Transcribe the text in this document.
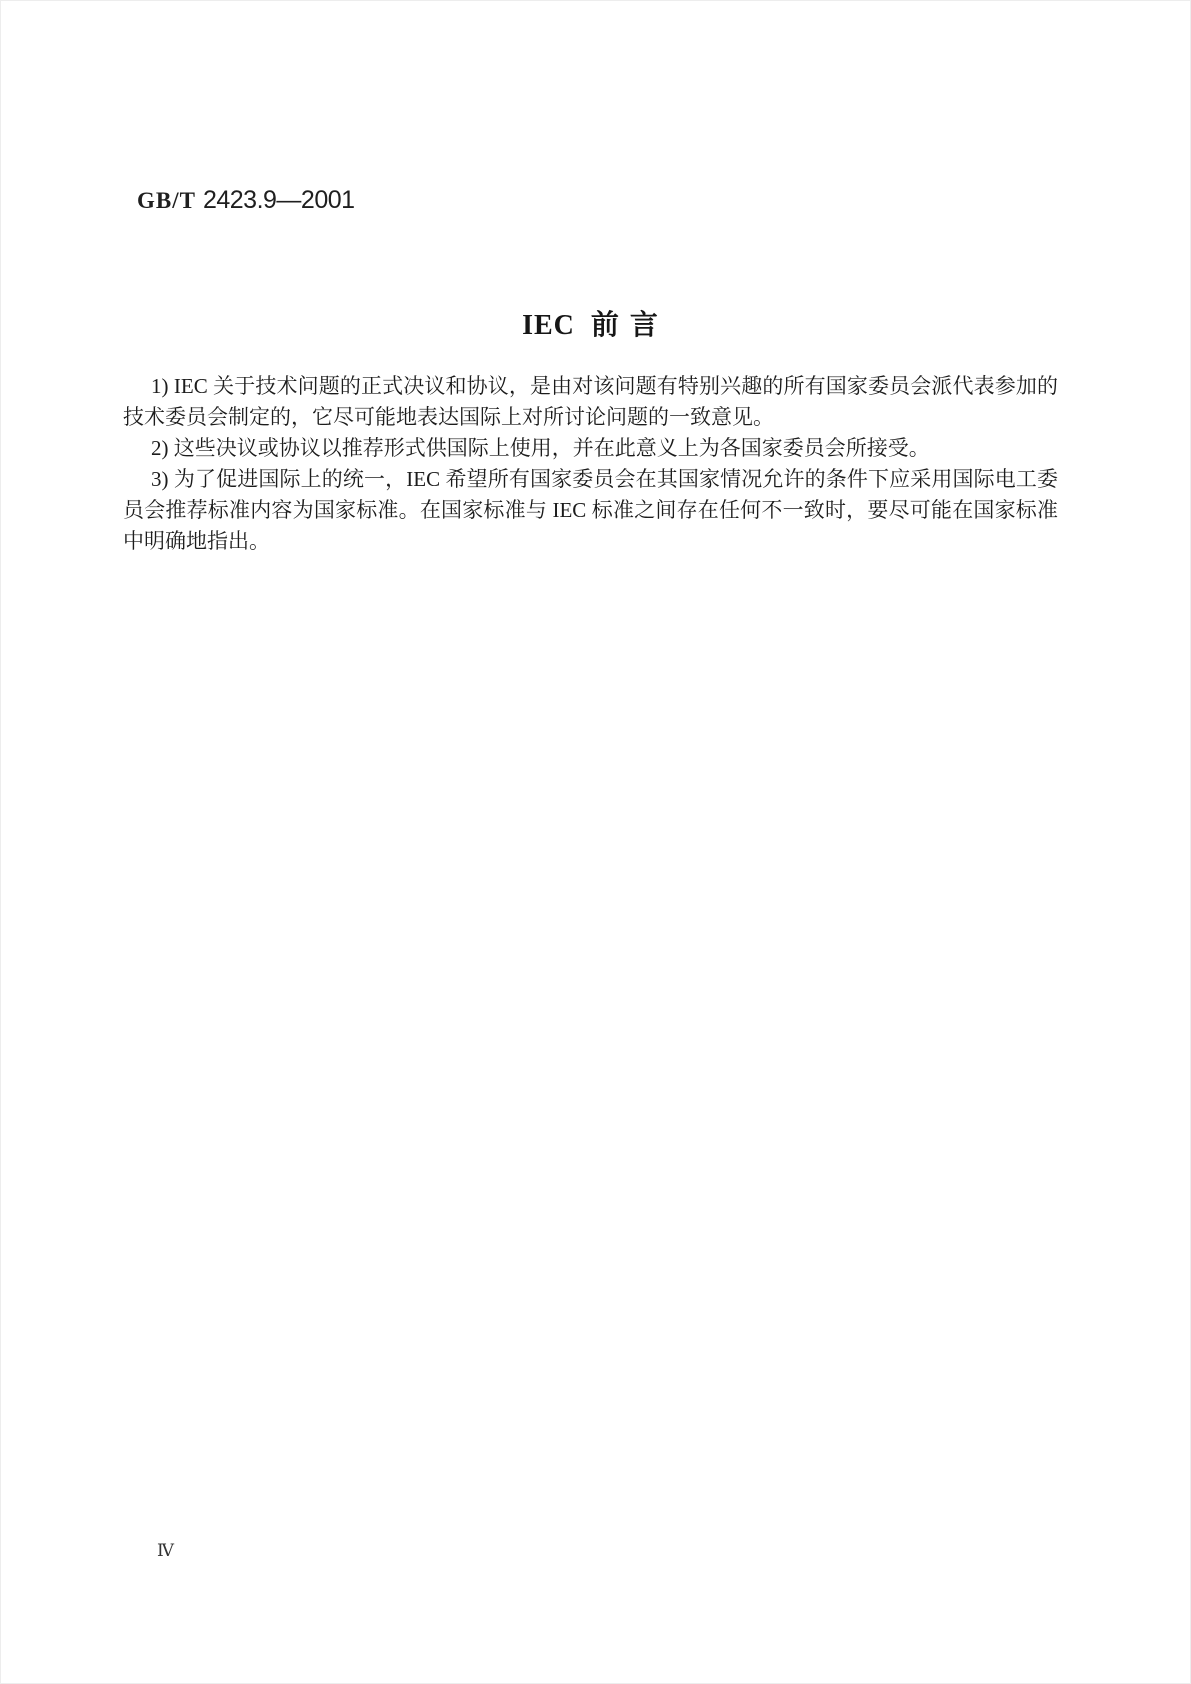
GB/T 2423.9—2001
IEC 前言

1) IEC 关于技术问题的正式决议和协议，是由对该问题有特别兴趣的所有国家委员会派代表参加的技术委员会制定的，它尽可能地表达国际上对所讨论问题的一致意见。

2) 这些决议或协议以推荐形式供国际上使用，并在此意义上为各国家委员会所接受。

3) 为了促进国际上的统一，IEC 希望所有国家委员会在其国家情况允许的条件下应采用国际电工委员会推荐标准内容为国家标准。在国家标准与 IEC 标准之间存在任何不一致时，要尽可能在国家标准中明确地指出。

Ⅳ
